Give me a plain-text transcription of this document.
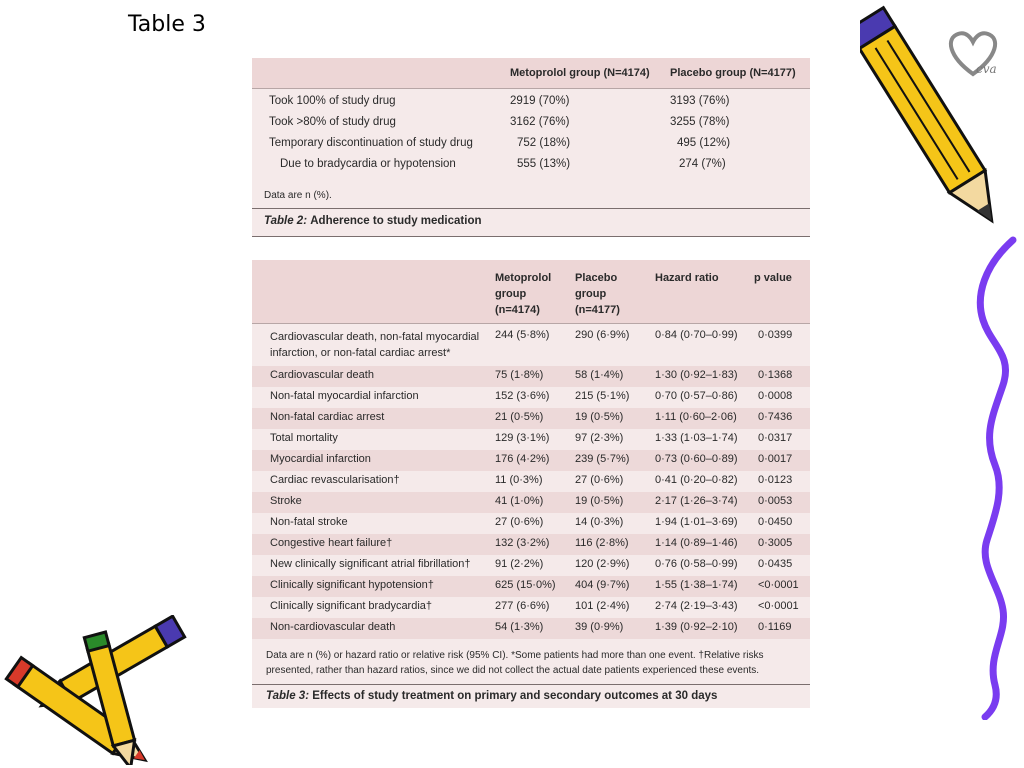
Table 3
Metoprolol group (N=4174) Placebo group (N=4177)
Took 100% of study drug	2919 (70%)	3193 (76%)
Took >80% of study drug	3162 (76%)	3255 (78%)
Temporary discontinuation of study drug	752 (18%)	495 (12%)
Due to bradycardia or hypotension	555 (13%)	274 (7%)
Data are n (%).
Table 2: Adherence to study medication
Metoprolol
group
(n=4174)
Placebo
group
(n=4177)
Hazard ratio	p value
Cardiovascular death, non-fatal myocardial infarction, or non-fatal cardiac arrest*
244 (5·8%) 290 (6·9%) 0·84 (0·70–0·99) 0·0399
Cardiovascular death	75 (1·8%)	58 (1·4%)	1·30 (0·92–1·83) 0·1368
Non-fatal myocardial infarction	152 (3·6%) 215 (5·1%) 0·70 (0·57–0·86) 0·0008
Non-fatal cardiac arrest	21 (0·5%)	19 (0·5%)	1·11 (0·60–2·06) 0·7436
Total mortality	129 (3·1%) 97 (2·3%)	1·33 (1·03–1·74) 0·0317
Myocardial infarction	176 (4·2%) 239 (5·7%) 0·73 (0·60–0·89) 0·0017
Cardiac revascularisation†	11 (0·3%)	27 (0·6%)	0·41 (0·20–0·82) 0·0123
Stroke	41 (1·0%)	19 (0·5%)	2·17 (1·26–3·74) 0·0053
Non-fatal stroke	27 (0·6%)	14 (0·3%)	1·94 (1·01–3·69) 0·0450
Congestive heart failure†	132 (3·2%) 116 (2·8%) 1·14 (0·89–1·46) 0·3005
New clinically significant atrial fibrillation† 91 (2·2%)	120 (2·9%) 0·76 (0·58–0·99) 0·0435
Clinically significant hypotension†	625 (15·0%) 404 (9·7%) 1·55 (1·38–1·74) <0·0001
Clinically significant bradycardia†	277 (6·6%) 101 (2·4%) 2·74 (2·19–3·43) <0·0001
Non-cardiovascular death	54 (1·3%)	39 (0·9%)	1·39 (0·92–2·10) 0·1169
Data are n (%) or hazard ratio or relative risk (95% CI). *Some patients had more than one event. †Relative risks presented, rather than hazard ratios, since we did not collect the actual date patients experienced these events.
Table 3: Effects of study treatment on primary and secondary outcomes at 30 days
cva
